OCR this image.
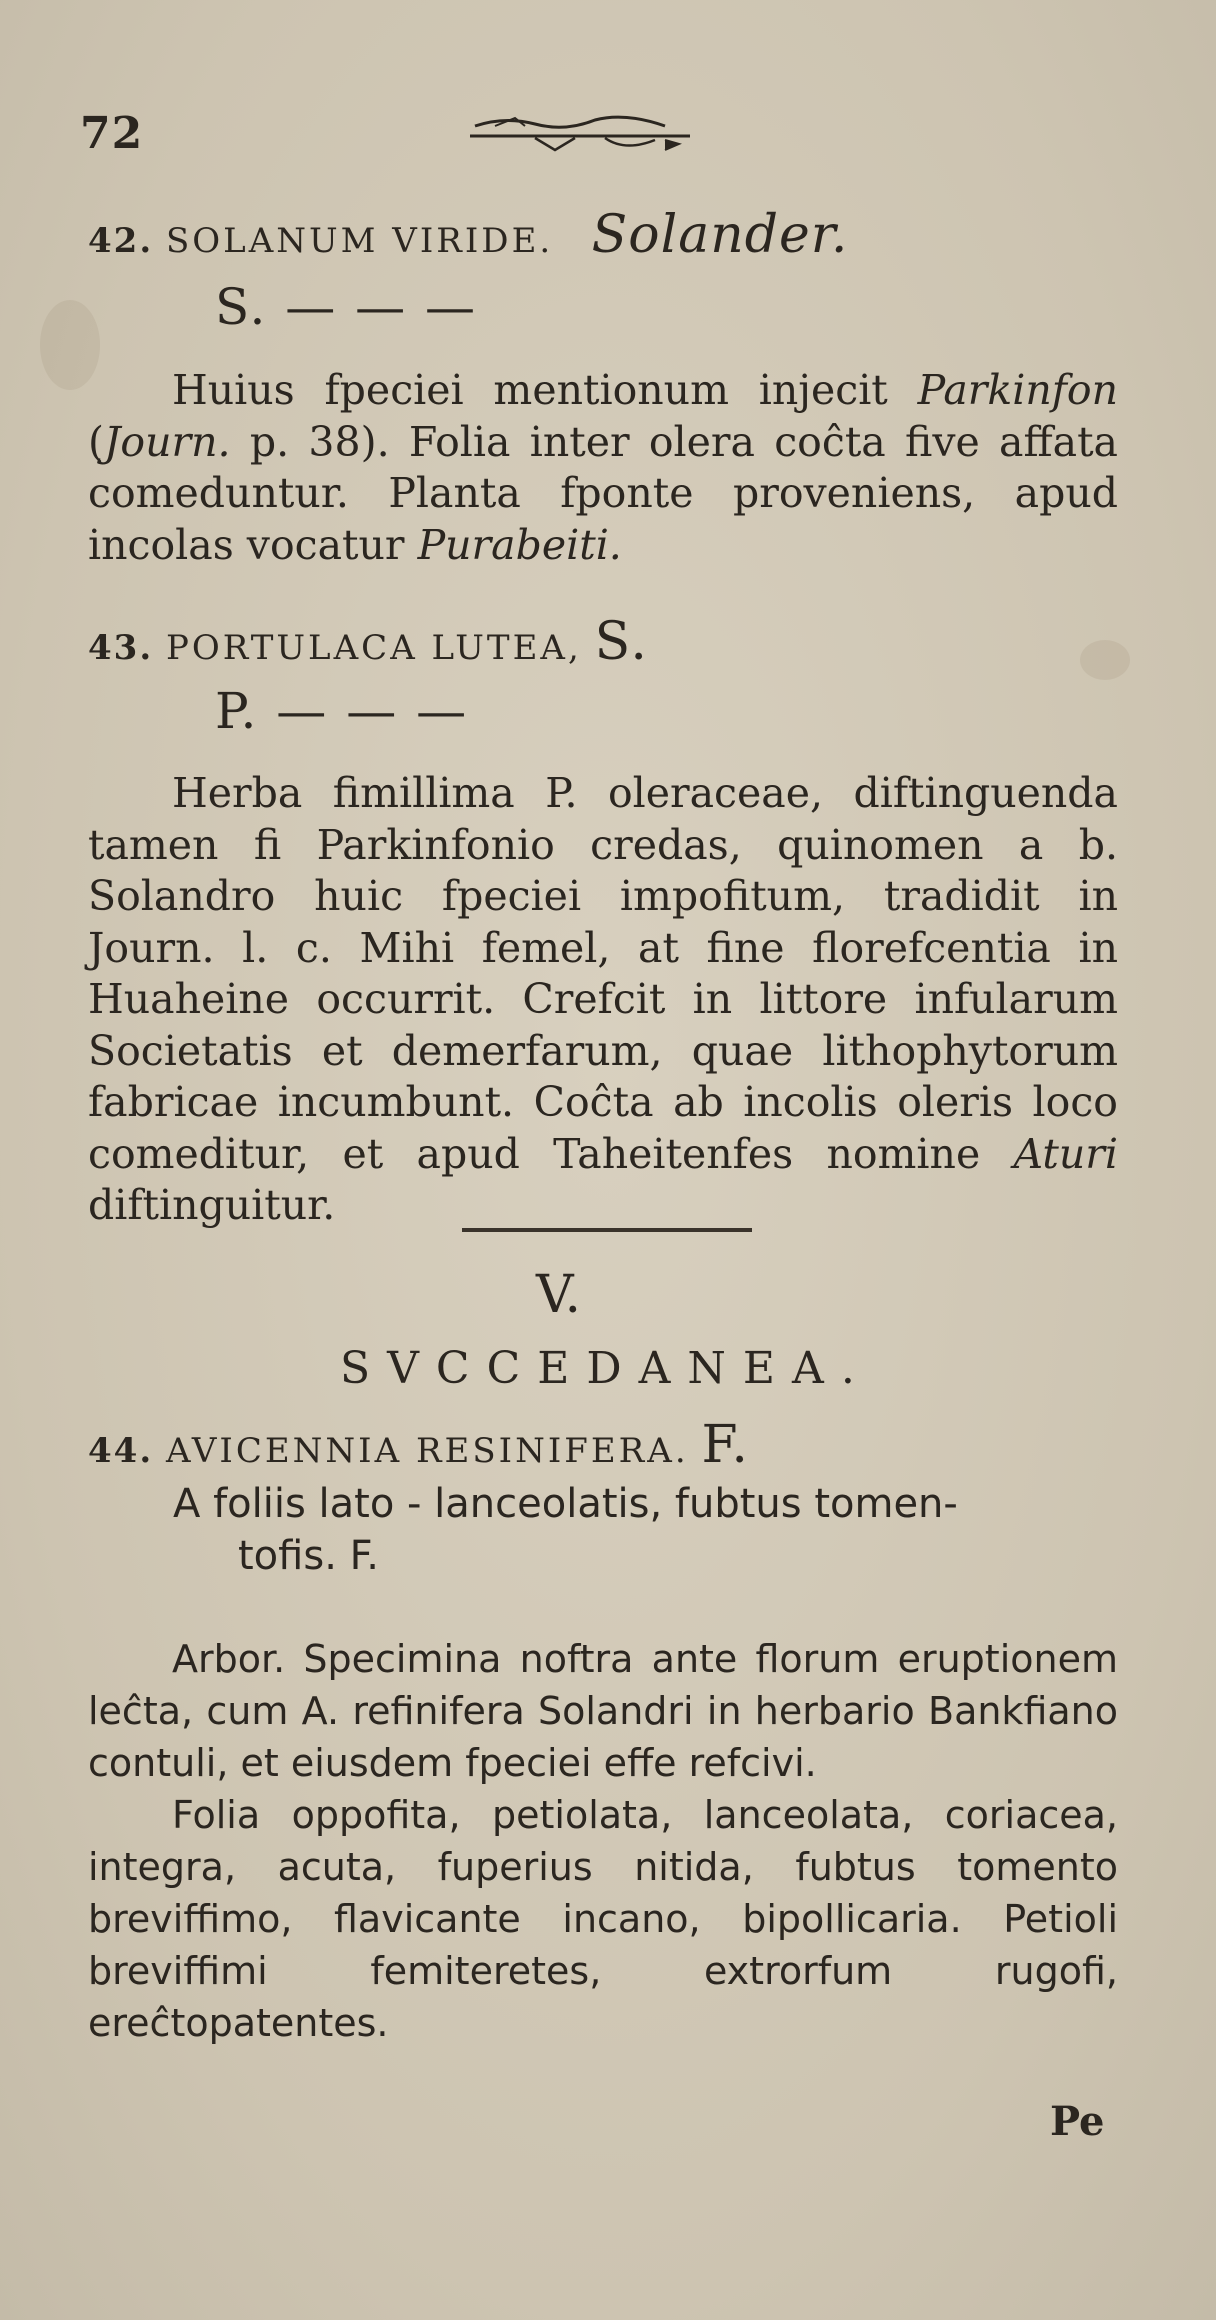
72
42. SOLANUM VIRIDE. Solander.
S. — — —

Huius fpeciei mentionum injecit Parkinfon (Journ. p. 38). Folia inter olera coĉta five affata comeduntur. Planta fponte proveniens, apud incolas vocatur Purabeiti.

43. PORTULACA LUTEA, S.
P. — — —

Herba fimillima P. oleraceae, diftinguenda tamen fi Parkinfonio credas, quinomen a b. Solandro huic fpeciei impofitum, tradidit in Journ. l. c. Mihi femel, at fine florefcentia in Huaheine occurrit. Crefcit in littore infularum Societatis et demerfarum, quae lithophytorum fabricae incumbunt. Coĉta ab incolis oleris loco comeditur, et apud Taheitenfes nomine Aturi diftinguitur.

V.
SVCCEDANEA.
44. AVICENNIA RESINIFERA. F.

A foliis lato - lanceolatis, fubtus tomen-

tofis. F.

Arbor. Specimina noftra ante florum eruptionem leĉta, cum A. refinifera Solandri in herbario Bankfiano contuli, et eiusdem fpeciei effe refcivi.

Folia oppofita, petiolata, lanceolata, coriacea, integra, acuta, fuperius nitida, fubtus tomento breviffimo, flavicante incano, bipollicaria. Petioli breviffimi femiteretes, extrorfum rugofi, ereĉtopatentes.

Pe
